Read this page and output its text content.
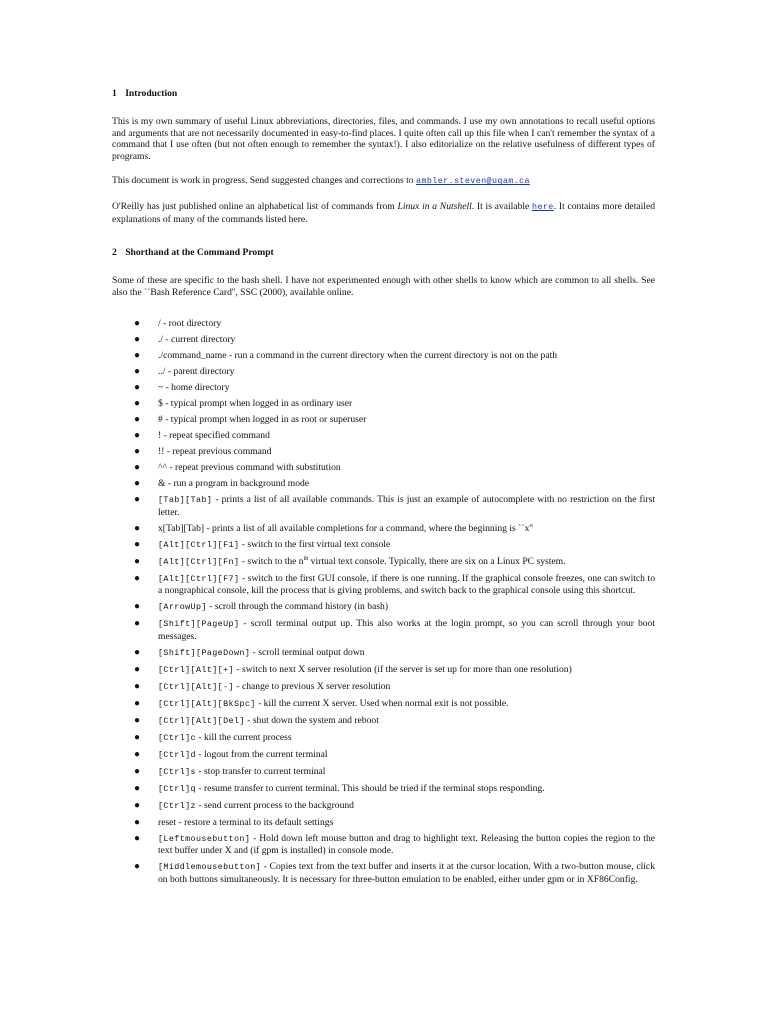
1 Introduction

This is my own summary of useful Linux abbreviations, directories, files, and commands. I use my own annotations to recall useful options and arguments that are not necessarily documented in easy-to-find places. I quite often call up this file when I can't remember the syntax of a command that I use often (but not often enough to remember the syntax!). I also editorialize on the relative usefulness of different types of programs.

This document is work in progress. Send suggested changes and corrections to ambler.steven@uqam.ca

O'Reilly has just published online an alphabetical list of commands from Linux in a Nutshell. It is available here. It contains more detailed explanations of many of the commands listed here.

2 Shorthand at the Command Prompt

Some of these are specific to the bash shell. I have not experimented enough with other shells to know which are common to all shells. See also the ``Bash Reference Card'', SSC (2000), available online.

● / - root directory
● ./ - current directory
● ./command_name - run a command in the current directory when the current directory is not on the path
● ../ - parent directory
● ~ - home directory
● $ - typical prompt when logged in as ordinary user
● # - typical prompt when logged in as root or superuser
● ! - repeat specified command
● !! - repeat previous command
● ^^ - repeat previous command with substitution
● & - run a program in background mode
● [Tab][Tab] - prints a list of all available commands. This is just an example of autocomplete with no restriction on the first letter.
● x[Tab][Tab] - prints a list of all available completions for a command, where the beginning is ``x''
● [Alt][Ctrl][F1] - switch to the first virtual text console
● [Alt][Ctrl][Fn] - switch to the $n^{th}$ virtual text console. Typically, there are six on a Linux PC system.
● [Alt][Ctrl][F7] - switch to the first GUI console, if there is one running. If the graphical console freezes, one can switch to a nongraphical console, kill the process that is giving problems, and switch back to the graphical console using this shortcut.
● [ArrowUp] - scroll through the command history (in bash)
● [Shift][PageUp] - scroll terminal output up. This also works at the login prompt, so you can scroll through your boot messages.
● [Shift][PageDown] - scroll terminal output down
● [Ctrl][Alt][+] - switch to next X server resolution (if the server is set up for more than one resolution)
● [Ctrl][Alt][-] - change to previous X server resolution
● [Ctrl][Alt][BkSpc] - kill the current X server. Used when normal exit is not possible.
● [Ctrl][Alt][Del] - shut down the system and reboot
● [Ctrl]c - kill the current process
● [Ctrl]d - logout from the current terminal
● [Ctrl]s - stop transfer to current terminal
● [Ctrl]q - resume transfer to current terminal. This should be tried if the terminal stops responding.
● [Ctrl]z - send current process to the background
● reset - restore a terminal to its default settings
● [Leftmousebutton] - Hold down left mouse button and drag to highlight text. Releasing the button copies the region to the text buffer under X and (if gpm is installed) in console mode.
● [Middlemousebutton] - Copies text from the text buffer and inserts it at the cursor location. With a two-button mouse, click on both buttons simultaneously. It is necessary for three-button emulation to be enabled, either under gpm or in XF86Config.
